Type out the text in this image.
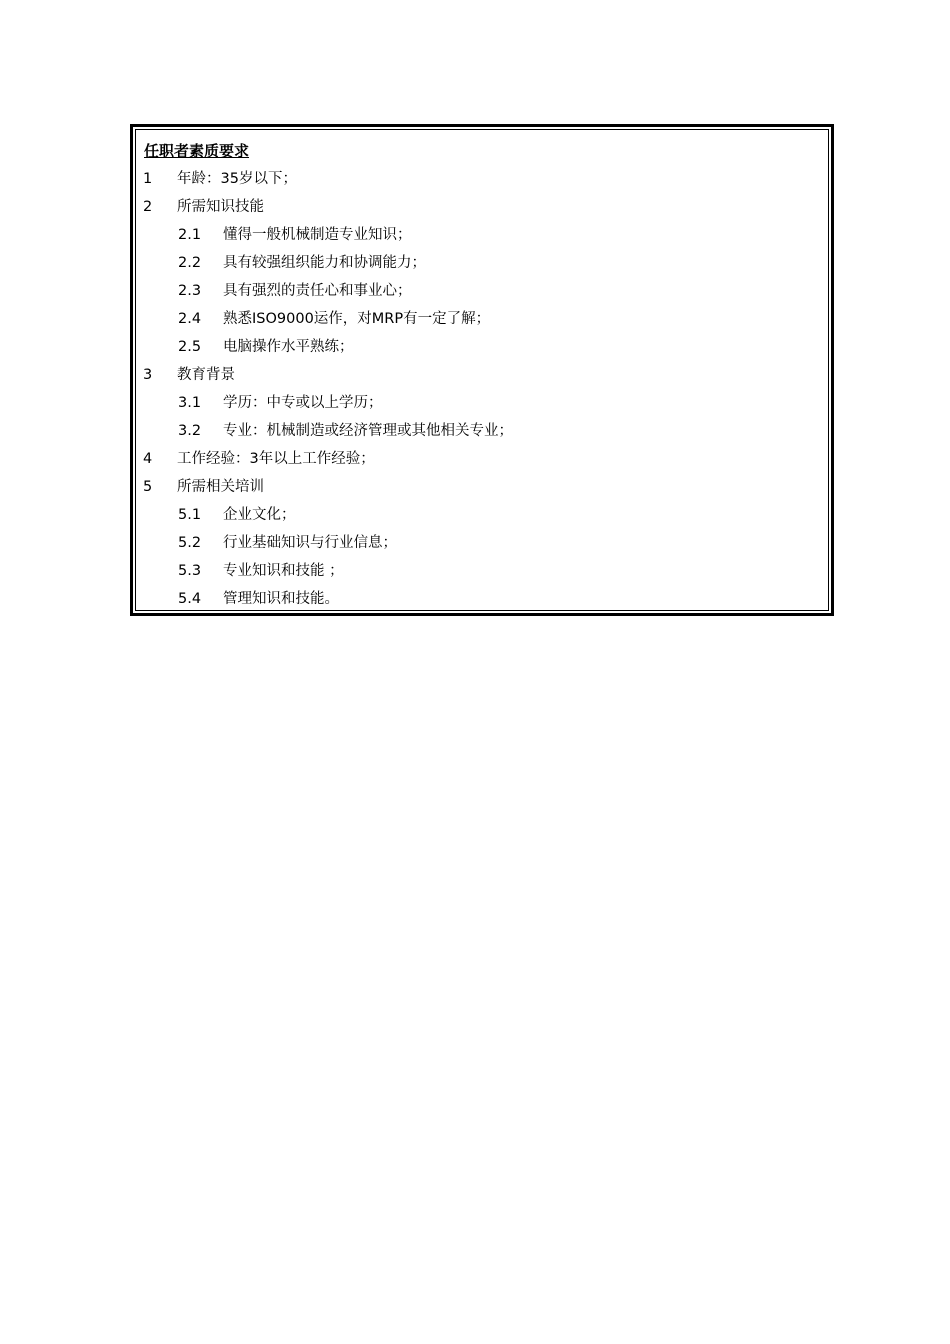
任职者素质要求
1 年龄：35岁以下；
2 所需知识技能
2.1 懂得一般机械制造专业知识；
2.2 具有较强组织能力和协调能力；
2.3 具有强烈的责任心和事业心；
2.4 熟悉ISO9000运作，对MRP有一定了解；
2.5 电脑操作水平熟练；
3 教育背景
3.1 学历：中专或以上学历；
3.2 专业：机械制造或经济管理或其他相关专业；
4 工作经验：3年以上工作经验；
5 所需相关培训
5.1 企业文化；
5.2 行业基础知识与行业信息；
5.3 专业知识和技能 ；
5.4 管理知识和技能。
